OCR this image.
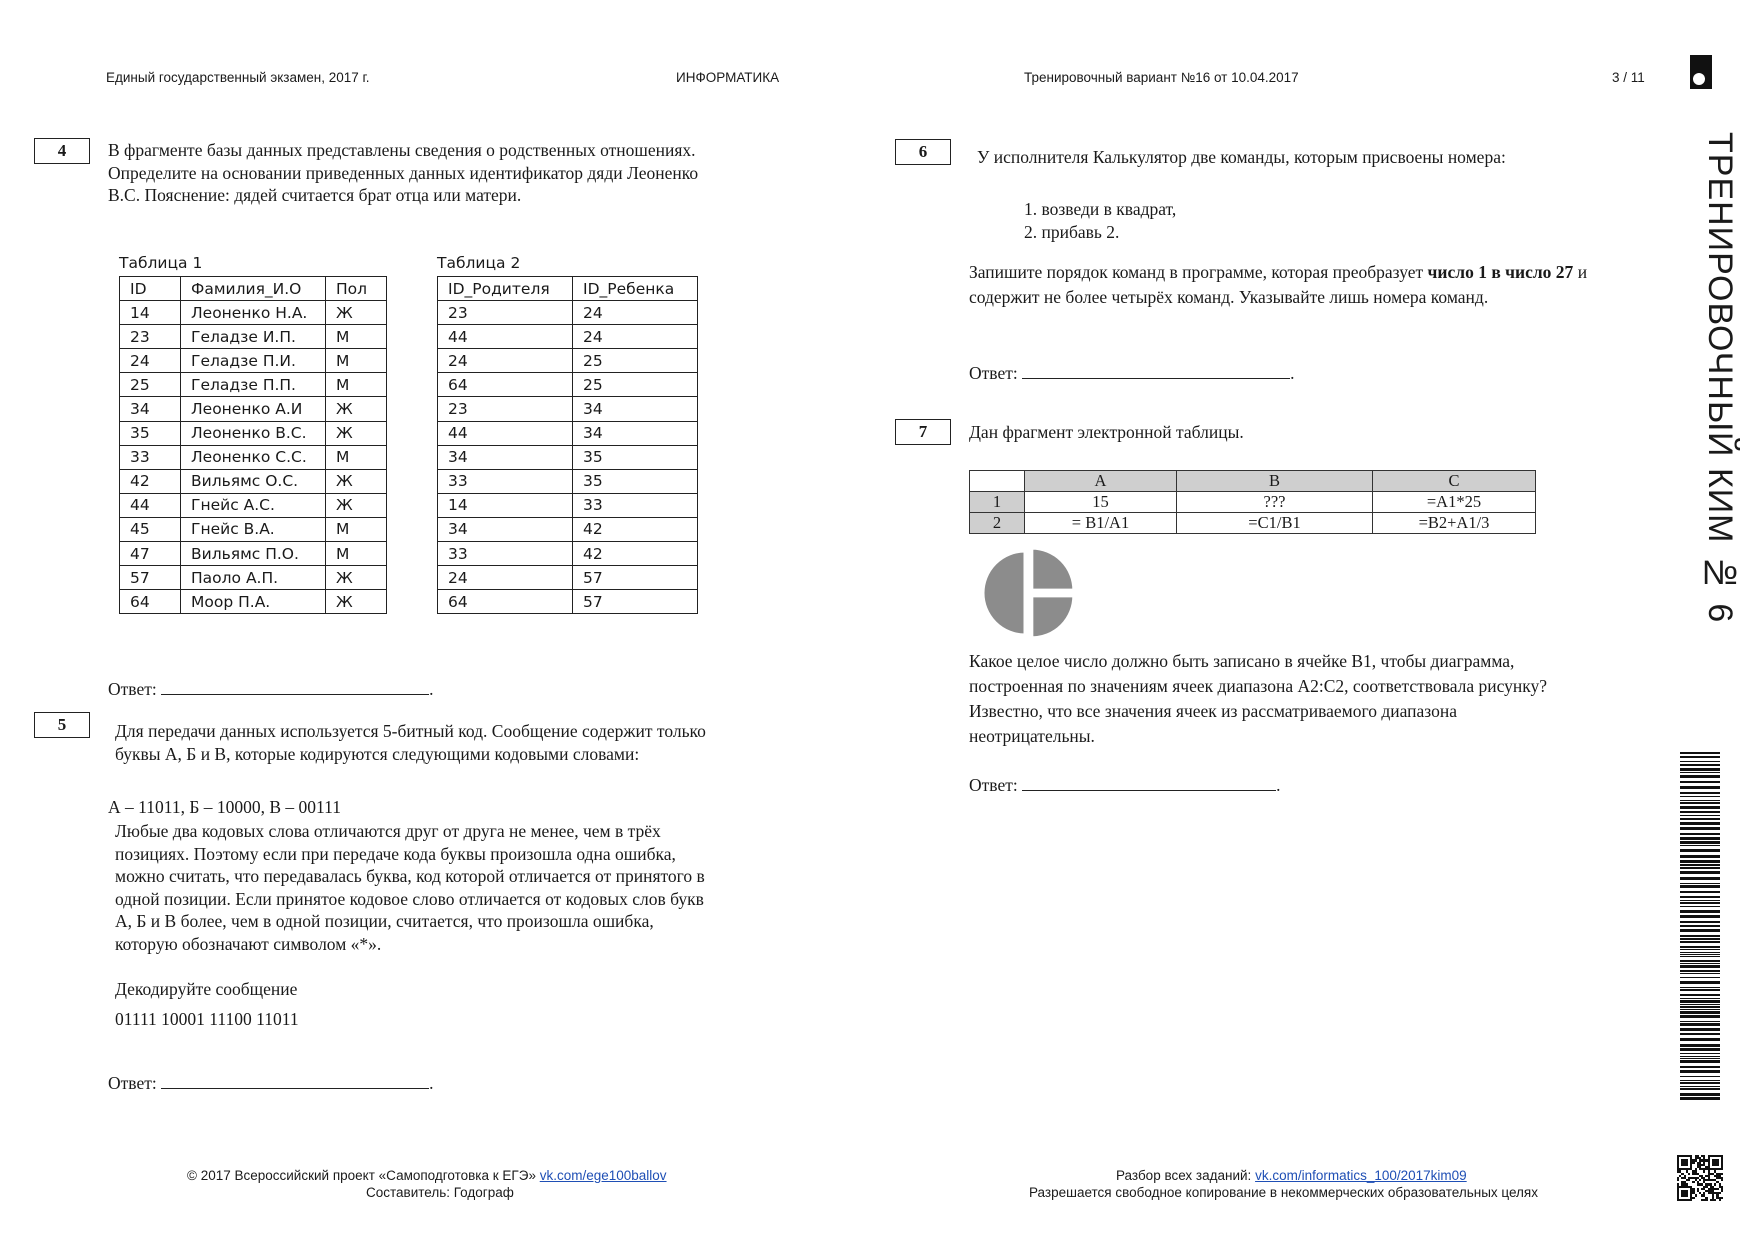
Единый государственный экзамен, 2017 г.	ИНФОРМАТИКА	Тренировочный вариант №16 от 10.04.2017	3 / 11
ТРЕНИРОВОЧНЫЙ КИМ № 6
4	В фрагменте базы данных представлены сведения о родственных отношениях. Определите на основании приведенных данных идентификатор дяди Леоненко В.С. Пояснение: дядей считается брат отца или матери.
Таблица 1
ID	Фамилия_И.О	Пол
14	Леоненко Н.А.	Ж
23	Геладзе И.П.	М
24	Геладзе П.И.	М
25	Геладзе П.П.	М
34	Леоненко А.И	Ж
35	Леоненко В.С.	Ж
33	Леоненко С.С.	М
42	Вильямс О.С.	Ж
44	Гнейс А.С.	Ж
45	Гнейс В.А.	М
47	Вильямс П.О.	М
57	Паоло А.П.	Ж
64	Моор П.А.	Ж
Таблица 2
ID_Родителя	ID_Ребенка
23	24
44	24
24	25
64	25
23	34
44	34
34	35
33	35
14	33
34	42
33	42
24	57
64	57
Ответ:	.
5	Для передачи данных используется 5-битный код. Сообщение содержит только буквы А, Б и В, которые кодируются следующими кодовыми словами:
А – 11011, Б – 10000, В – 00111
Любые два кодовых слова отличаются друг от друга не менее, чем в трёх позициях. Поэтому если при передаче кода буквы произошла одна ошибка, можно считать, что передавалась буква, код которой отличается от принятого в одной позиции. Если принятое кодовое слово отличается от кодовых слов букв А, Б и В более, чем в одной позиции, считается, что произошла ошибка, которую обозначают символом «*».
Декодируйте сообщение
01111 10001 11100 11011
Ответ:	.
6	У исполнителя Калькулятор две команды, которым присвоены номера:
1. возведи в квадрат,
2. прибавь 2.
Запишите порядок команд в программе, которая преобразует число 1 в число 27 и содержит не более четырёх команд. Указывайте лишь номера команд.
Ответ:	.
7	Дан фрагмент электронной таблицы.
	A	B	C
1	15	???	=A1*25
2	= B1/A1	=C1/B1	=B2+A1/3
Какое целое число должно быть записано в ячейке B1, чтобы диаграмма, построенная по значениям ячеек диапазона A2:C2, соответствовала рисунку? Известно, что все значения ячеек из рассматриваемого диапазона неотрицательны.
Ответ:	.
© 2017 Всероссийский проект «Самоподготовка к ЕГЭ» vk.com/ege100ballov
Составитель: Годограф
Разбор всех заданий: vk.com/informatics_100/2017kim09
Разрешается свободное копирование в некоммерческих образовательных целях
